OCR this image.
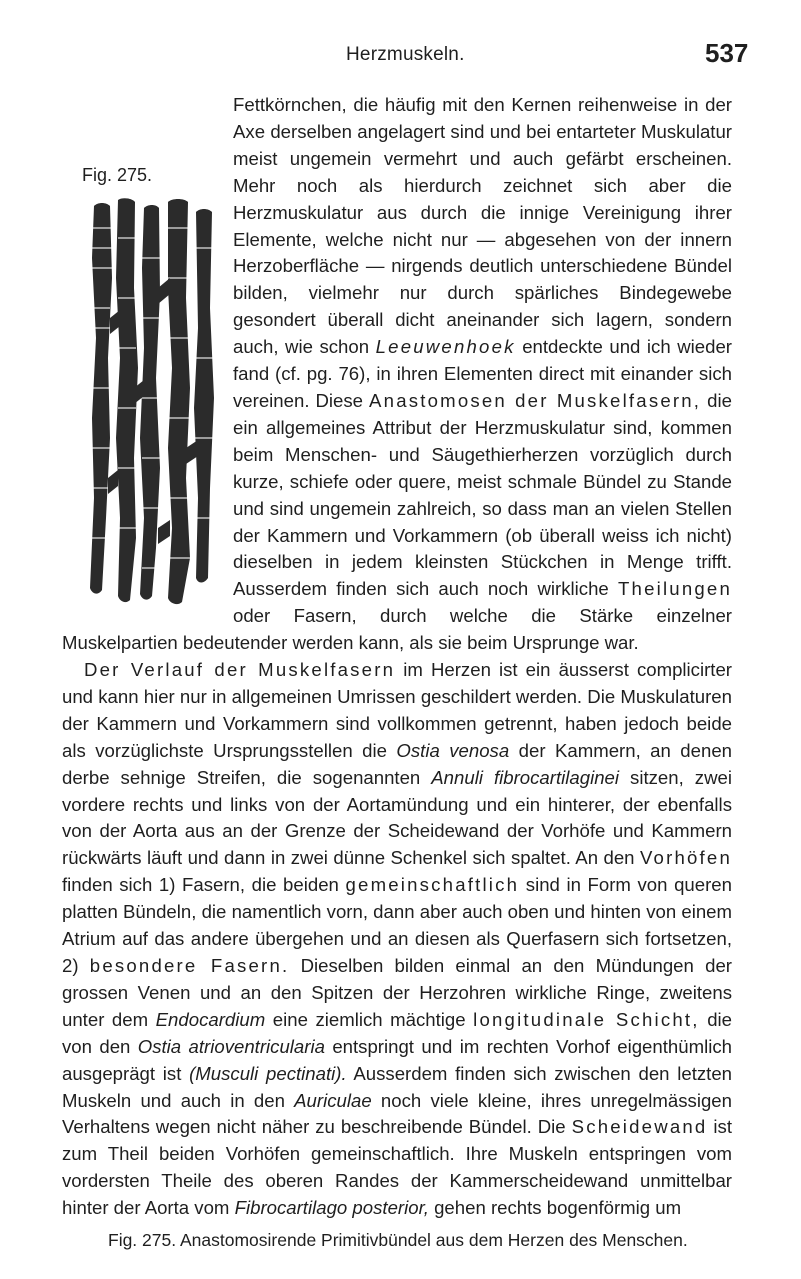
Herzmuskeln.	537
Fig. 275.

Fettkörnchen, die häufig mit den Kernen reihenweise in der Axe derselben angelagert sind und bei entarteter Muskulatur meist ungemein vermehrt und auch gefärbt erscheinen. Mehr noch als hierdurch zeichnet sich aber die Herzmuskulatur aus durch die innige Vereinigung ihrer Elemente, welche nicht nur — abgesehen von der innern Herzoberfläche — nirgends deutlich unterschiedene Bündel bilden, vielmehr nur durch spärliches Bindegewebe gesondert überall dicht aneinander sich lagern, sondern auch, wie schon Leeuwenhoek entdeckte und ich wieder fand (cf. pg. 76), in ihren Elementen direct mit einander sich vereinen. Diese Anastomosen der Muskelfasern, die ein allgemeines Attribut der Herzmuskulatur sind, kommen beim Menschen- und Säugethierherzen vorzüglich durch kurze, schiefe oder quere, meist schmale Bündel zu Stande und sind ungemein zahlreich, so dass man an vielen Stellen der Kammern und Vorkammern (ob überall weiss ich nicht) dieselben in jedem kleinsten Stückchen in Menge trifft. Ausserdem finden sich auch noch wirkliche Theilungen oder Fasern, durch welche die Stärke einzelner Muskelpartien bedeutender werden kann, als sie beim Ursprunge war.

Der Verlauf der Muskelfasern im Herzen ist ein äusserst complicirter und kann hier nur in allgemeinen Umrissen geschildert werden. Die Muskulaturen der Kammern und Vorkammern sind vollkommen getrennt, haben jedoch beide als vorzüglichste Ursprungsstellen die Ostia venosa der Kammern, an denen derbe sehnige Streifen, die sogenannten Annuli fibrocartilaginei sitzen, zwei vordere rechts und links von der Aortamündung und ein hinterer, der ebenfalls von der Aorta aus an der Grenze der Scheidewand der Vorhöfe und Kammern rückwärts läuft und dann in zwei dünne Schenkel sich spaltet. An den Vorhöfen finden sich 1) Fasern, die beiden gemeinschaftlich sind in Form von queren platten Bündeln, die namentlich vorn, dann aber auch oben und hinten von einem Atrium auf das andere übergehen und an diesen als Querfasern sich fortsetzen, 2) besondere Fasern. Dieselben bilden einmal an den Mündungen der grossen Venen und an den Spitzen der Herzohren wirkliche Ringe, zweitens unter dem Endocardium eine ziemlich mächtige longitudinale Schicht, die von den Ostia atrioventricularia entspringt und im rechten Vorhof eigenthümlich ausgeprägt ist (Musculi pectinati). Ausserdem finden sich zwischen den letzten Muskeln und auch in den Auriculae noch viele kleine, ihres unregelmässigen Verhaltens wegen nicht näher zu beschreibende Bündel. Die Scheidewand ist zum Theil beiden Vorhöfen gemeinschaftlich. Ihre Muskeln entspringen vom vordersten Theile des oberen Randes der Kammerscheidewand unmittelbar hinter der Aorta vom Fibrocartilago posterior, gehen rechts bogenförmig um

Fig. 275. Anastomosirende Primitivbündel aus dem Herzen des Menschen.
